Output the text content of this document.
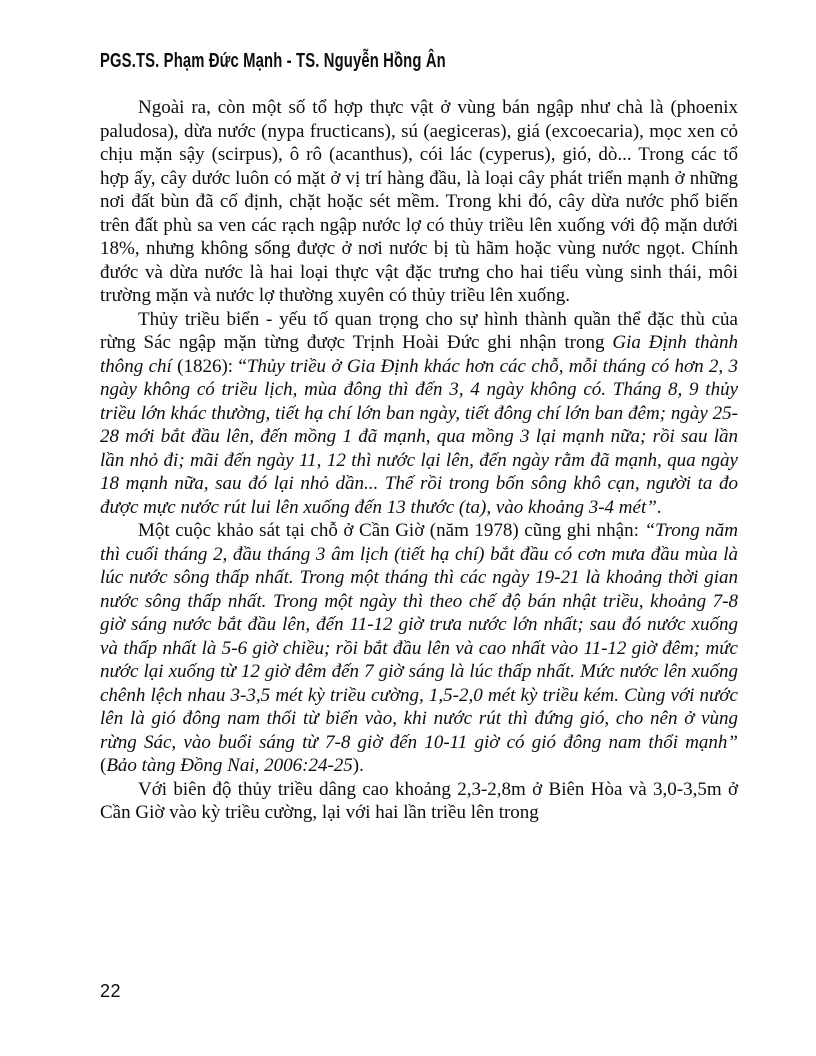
PGS.TS. Phạm Đức Mạnh - TS. Nguyễn Hồng Ân

Ngoài ra, còn một số tổ hợp thực vật ở vùng bán ngập như chà là (phoenix paludosa), dừa nước (nypa fructicans), sú (aegiceras), giá (excoecaria), mọc xen cỏ chịu mặn sậy (scirpus), ô rô (acanthus), cói lác (cyperus), gió, dò... Trong các tổ hợp ấy, cây dước luôn có mặt ở vị trí hàng đầu, là loại cây phát triển mạnh ở những nơi đất bùn đã cố định, chặt hoặc sét mềm. Trong khi đó, cây dừa nước phổ biến trên đất phù sa ven các rạch ngập nước lợ có thủy triều lên xuống với độ mặn dưới 18%, nhưng không sống được ở nơi nước bị tù hãm hoặc vùng nước ngọt. Chính đước và dừa nước là hai loại thực vật đặc trưng cho hai tiểu vùng sinh thái, môi trường mặn và nước lợ thường xuyên có thủy triều lên xuống.

Thủy triều biển - yếu tố quan trọng cho sự hình thành quần thể đặc thù của rừng Sác ngập mặn từng được Trịnh Hoài Đức ghi nhận trong Gia Định thành thông chí (1826): “Thủy triều ở Gia Định khác hơn các chỗ, mỗi tháng có hơn 2, 3 ngày không có triều lịch, mùa đông thì đến 3, 4 ngày không có. Tháng 8, 9 thủy triều lớn khác thường, tiết hạ chí lớn ban ngày, tiết đông chí lớn ban đêm; ngày 25-28 mới bắt đầu lên, đến mồng 1 đã mạnh, qua mồng 3 lại mạnh nữa; rồi sau lần lần nhỏ đi; mãi đến ngày 11, 12 thì nước lại lên, đến ngày rằm đã mạnh, qua ngày 18 mạnh nữa, sau đó lại nhỏ dần... Thế rồi trong bốn sông khô cạn, người ta đo được mực nước rút lui lên xuống đến 13 thước (ta), vào khoảng 3-4 mét”.

Một cuộc khảo sát tại chỗ ở Cần Giờ (năm 1978) cũng ghi nhận: “Trong năm thì cuối tháng 2, đầu tháng 3 âm lịch (tiết hạ chí) bắt đầu có cơn mưa đầu mùa là lúc nước sông thấp nhất. Trong một tháng thì các ngày 19-21 là khoảng thời gian nước sông thấp nhất. Trong một ngày thì theo chế độ bán nhật triều, khoảng 7-8 giờ sáng nước bắt đầu lên, đến 11-12 giờ trưa nước lớn nhất; sau đó nước xuống và thấp nhất là 5-6 giờ chiều; rồi bắt đầu lên và cao nhất vào 11-12 giờ đêm; mức nước lại xuống từ 12 giờ đêm đến 7 giờ sáng là lúc thấp nhất. Mức nước lên xuống chênh lệch nhau 3-3,5 mét kỳ triều cường, 1,5-2,0 mét kỳ triều kém. Cùng với nước lên là gió đông nam thổi từ biển vào, khi nước rút thì đứng gió, cho nên ở vùng rừng Sác, vào buổi sáng từ 7-8 giờ đến 10-11 giờ có gió đông nam thổi mạnh” (Bảo tàng Đồng Nai, 2006:24-25).

Với biên độ thủy triều dâng cao khoảng 2,3-2,8m ở Biên Hòa và 3,0-3,5m ở Cần Giờ vào kỳ triều cường, lại với hai lần triều lên trong

22
